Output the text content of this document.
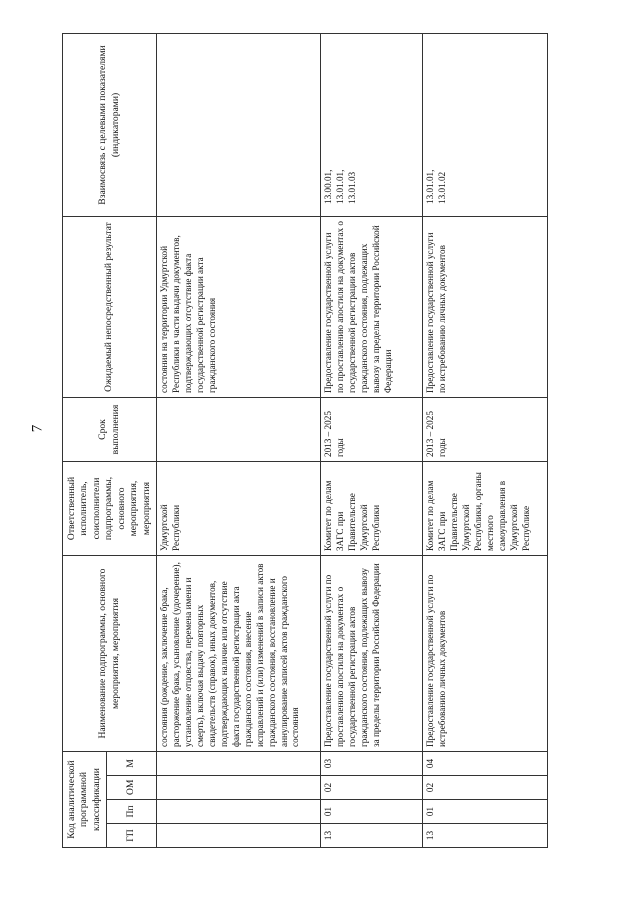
7
Код аналитической программной классификации				Наименование подпрограммы, основного мероприятия, мероприятия	Ответственный исполнитель, соисполнители подпрограммы, основного мероприятия, мероприятия	Срок выполнения	Ожидаемый непосредственный результат	Взаимосвязь с целевыми показателями (индикаторами)
ГП	Пп	ОМ	М					
				состояния (рождение, заключение брака, расторжение брака, усыновление (удочерение), установление отцовства, перемена имени и смерть), включая выдачу повторных свидетельств (справок), иных документов, подтверждающих наличие или отсутствие факта государственной регистрации акта гражданского состояния, внесение исправлений и (или) изменений в записи актов гражданского состояния, восстановление и аннулирование записей актов гражданского состояния	Удмуртской Республики		состояния на территории Удмуртской Республики в части выдачи документов, подтверждающих отсутствие факта государственной регистрации акта гражданского состояния	
13	01	02	03	Предоставление государственной услуги по проставлению апостиля на документах о государственной регистрации актов гражданского состояния, подлежащих вывозу за пределы территории Российской Федерации	Комитет по делам ЗАГС при Правительстве Удмуртской Республики	2013 – 2025 годы	Предоставление государственной услуги по проставлению апостиля на документах о государственной регистрации актов гражданского состояния, подлежащих вывозу за пределы территории Российской Федерации	13.00.01,
13.01.01,
13.01.03
13	01	02	04	Предоставление государственной услуги по истребованию личных документов	Комитет по делам ЗАГС при Правительстве Удмуртской Республики, органы местного самоуправления в Удмуртской Республике	2013 – 2025 годы	Предоставление государственной услуги по истребованию личных документов	13.01.01,
13.01.02
